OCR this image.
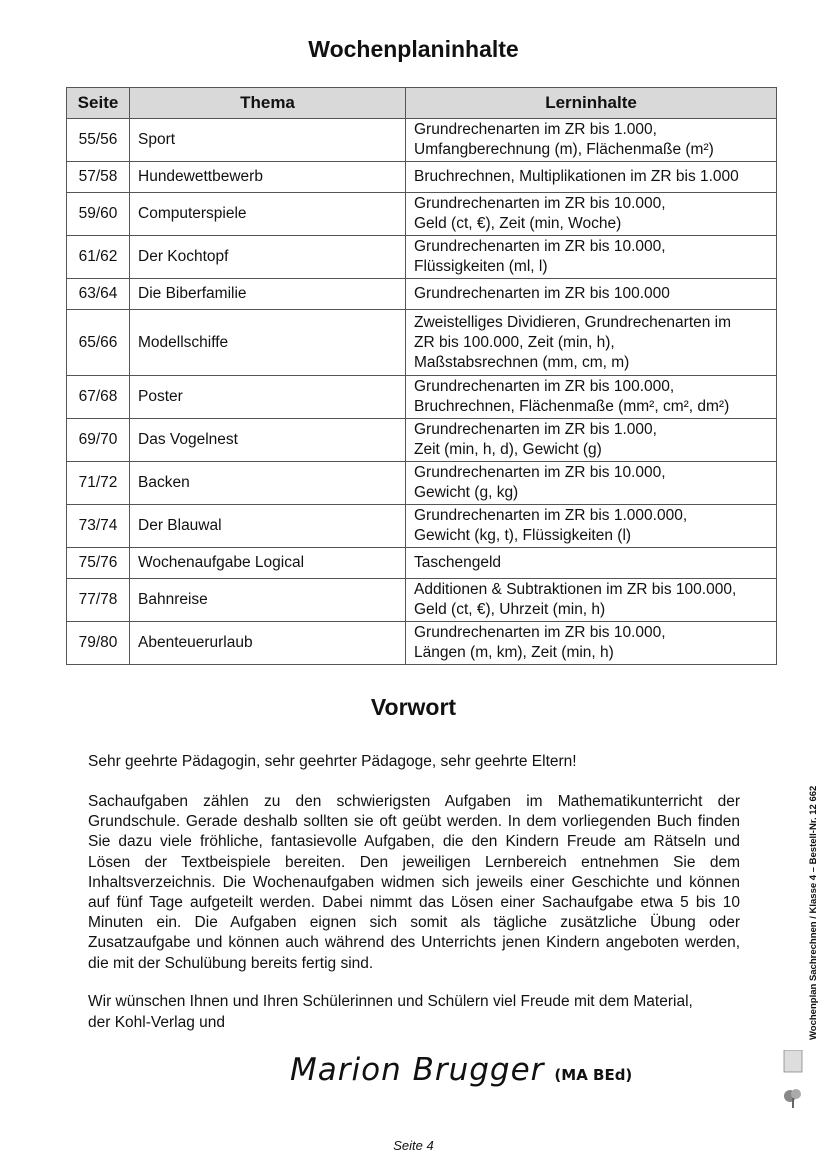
Wochenplaninhalte
Seite	Thema	Lerninhalte
55/56	Sport	Grundrechenarten im ZR bis 1.000,
Umfangberechnung (m), Flächenmaße (m²)

57/58	Hundewettbewerb	Bruchrechnen, Multiplikationen im ZR bis 1.000

59/60	Computerspiele	Grundrechenarten im ZR bis 10.000,
Geld (ct, €), Zeit (min, Woche)

61/62	Der Kochtopf	Grundrechenarten im ZR bis 10.000,
Flüssigkeiten (ml, l)

63/64	Die Biberfamilie	Grundrechenarten im ZR bis 100.000

65/66	Modellschiffe	Zweistelliges Dividieren, Grundrechenarten im
ZR bis 100.000, Zeit (min, h),
Maßstabsrechnen (mm, cm, m)

67/68	Poster	Grundrechenarten im ZR bis 100.000,
Bruchrechnen, Flächenmaße (mm², cm², dm²)

69/70	Das Vogelnest	Grundrechenarten im ZR bis 1.000,
Zeit (min, h, d), Gewicht (g)

71/72	Backen	Grundrechenarten im ZR bis 10.000,
Gewicht (g, kg)

73/74	Der Blauwal	Grundrechenarten im ZR bis 1.000.000,
Gewicht (kg, t), Flüssigkeiten (l)

75/76	Wochenaufgabe Logical	Taschengeld

77/78	Bahnreise	Additionen & Subtraktionen im ZR bis 100.000,
Geld (ct, €), Uhrzeit (min, h)

79/80	Abenteuerurlaub	Grundrechenarten im ZR bis 10.000,
Längen (m, km), Zeit (min, h)
Vorwort
Sehr geehrte Pädagogin, sehr geehrter Pädagoge, sehr geehrte Eltern!
Sachaufgaben zählen zu den schwierigsten Aufgaben im Mathematikunterricht der Grundschule. Gerade deshalb sollten sie oft geübt werden. In dem vorliegenden Buch finden Sie dazu viele fröhliche, fantasievolle Aufgaben, die den Kindern Freude am Rätseln und Lösen der Textbeispiele bereiten. Den jeweiligen Lernbereich entnehmen Sie dem Inhaltsverzeichnis. Die Wochenaufgaben widmen sich jeweils einer Geschichte und können auf fünf Tage aufgeteilt werden. Dabei nimmt das Lösen einer Sachaufgabe etwa 5 bis 10 Minuten ein. Die Aufgaben eignen sich somit als tägliche zusätzliche Übung oder Zusatzaufgabe und können auch während des Unterrichts jenen Kindern angeboten werden, die mit der Schulübung bereits fertig sind.
Wir wünschen Ihnen und Ihren Schülerinnen und Schülern viel Freude mit dem Material,
der Kohl-Verlag und
Marion Brugger (MA BEd)
Wochenplan Sachrechnen / Klasse 4 – Bestell-Nr. 12 662
Seite 4
